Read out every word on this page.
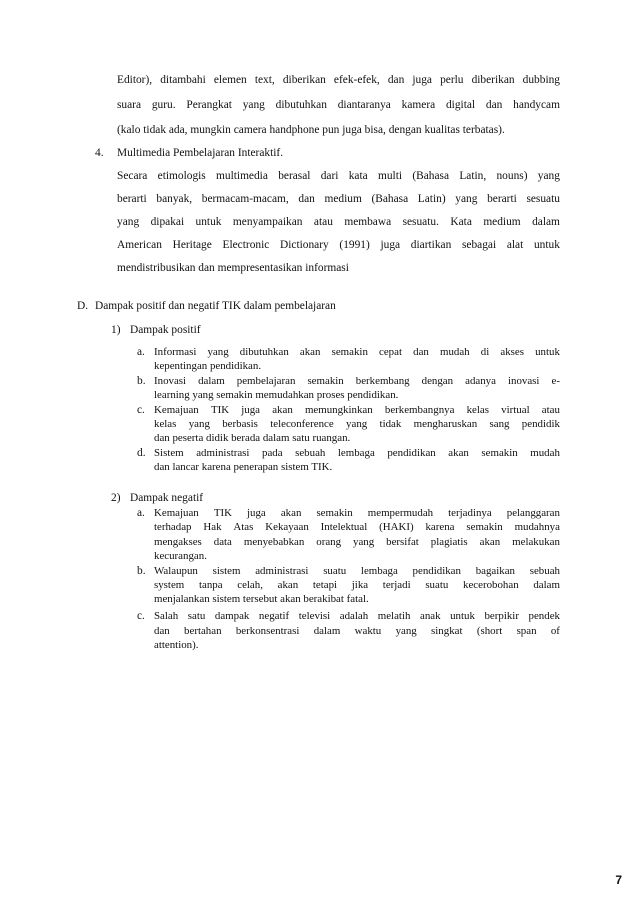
Editor), ditambahi elemen text, diberikan efek-efek, dan juga perlu diberikan dubbing
suara guru. Perangkat yang dibutuhkan diantaranya kamera digital dan handycam
(kalo tidak ada, mungkin camera handphone pun juga bisa, dengan kualitas terbatas).
4. Multimedia Pembelajaran Interaktif.
Secara etimologis multimedia berasal dari kata multi (Bahasa Latin, nouns) yang
berarti banyak, bermacam-macam, dan medium (Bahasa Latin) yang berarti sesuatu
yang dipakai untuk menyampaikan atau membawa sesuatu. Kata medium dalam
American Heritage Electronic Dictionary (1991) juga diartikan sebagai alat untuk
mendistribusikan dan mempresentasikan informasi
D. Dampak positif dan negatif TIK dalam pembelajaran
1) Dampak positif
a. Informasi yang dibutuhkan akan semakin cepat dan mudah di akses untuk
kepentingan pendidikan.
b. Inovasi dalam pembelajaran semakin berkembang dengan adanya inovasi e-
learning yang semakin memudahkan proses pendidikan.
c. Kemajuan TIK juga akan memungkinkan berkembangnya kelas virtual atau
kelas yang berbasis teleconference yang tidak mengharuskan sang pendidik
dan peserta didik berada dalam satu ruangan.
d. Sistem administrasi pada sebuah lembaga pendidikan akan semakin mudah
dan lancar karena penerapan sistem TIK.
2) Dampak negatif
a. Kemajuan TIK juga akan semakin mempermudah terjadinya pelanggaran
terhadap Hak Atas Kekayaan Intelektual (HAKI) karena semakin mudahnya
mengakses data menyebabkan orang yang bersifat plagiatis akan melakukan
kecurangan.
b. Walaupun sistem administrasi suatu lembaga pendidikan bagaikan sebuah
system tanpa celah, akan tetapi jika terjadi suatu kecerobohan dalam
menjalankan sistem tersebut akan berakibat fatal.
c. Salah satu dampak negatif televisi adalah melatih anak untuk berpikir pendek
dan bertahan berkonsentrasi dalam waktu yang singkat (short span of
attention).
7
